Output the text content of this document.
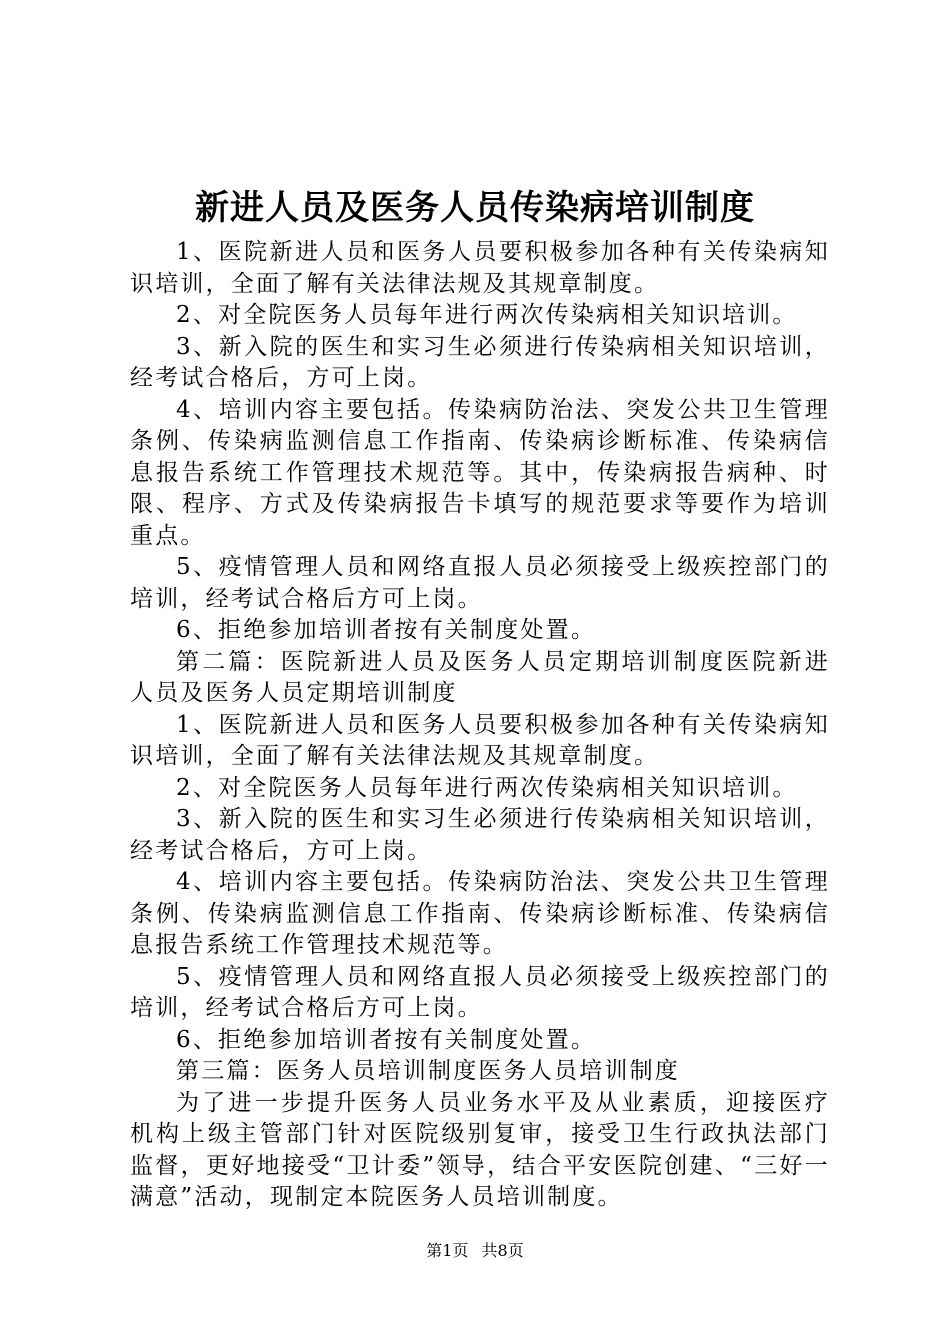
新进人员及医务人员传染病培训制度

1、医院新进人员和医务人员要积极参加各种有关传染病知识培训，全面了解有关法律法规及其规章制度。

2、对全院医务人员每年进行两次传染病相关知识培训。

3、新入院的医生和实习生必须进行传染病相关知识培训，经考试合格后，方可上岗。

4、培训内容主要包括。传染病防治法、突发公共卫生管理条例、传染病监测信息工作指南、传染病诊断标准、传染病信息报告系统工作管理技术规范等。其中，传染病报告病种、时限、程序、方式及传染病报告卡填写的规范要求等要作为培训重点。

5、疫情管理人员和网络直报人员必须接受上级疾控部门的培训，经考试合格后方可上岗。

6、拒绝参加培训者按有关制度处置。

第二篇：医院新进人员及医务人员定期培训制度医院新进人员及医务人员定期培训制度

1、医院新进人员和医务人员要积极参加各种有关传染病知识培训，全面了解有关法律法规及其规章制度。

2、对全院医务人员每年进行两次传染病相关知识培训。

3、新入院的医生和实习生必须进行传染病相关知识培训，经考试合格后，方可上岗。

4、培训内容主要包括。传染病防治法、突发公共卫生管理条例、传染病监测信息工作指南、传染病诊断标准、传染病信息报告系统工作管理技术规范等。

5、疫情管理人员和网络直报人员必须接受上级疾控部门的培训，经考试合格后方可上岗。

6、拒绝参加培训者按有关制度处置。

第三篇：医务人员培训制度医务人员培训制度

为了进一步提升医务人员业务水平及从业素质，迎接医疗机构上级主管部门针对医院级别复审，接受卫生行政执法部门监督，更好地接受“卫计委”领导，结合平安医院创建、“三好一满意”活动，现制定本院医务人员培训制度。

第1页 共8页
